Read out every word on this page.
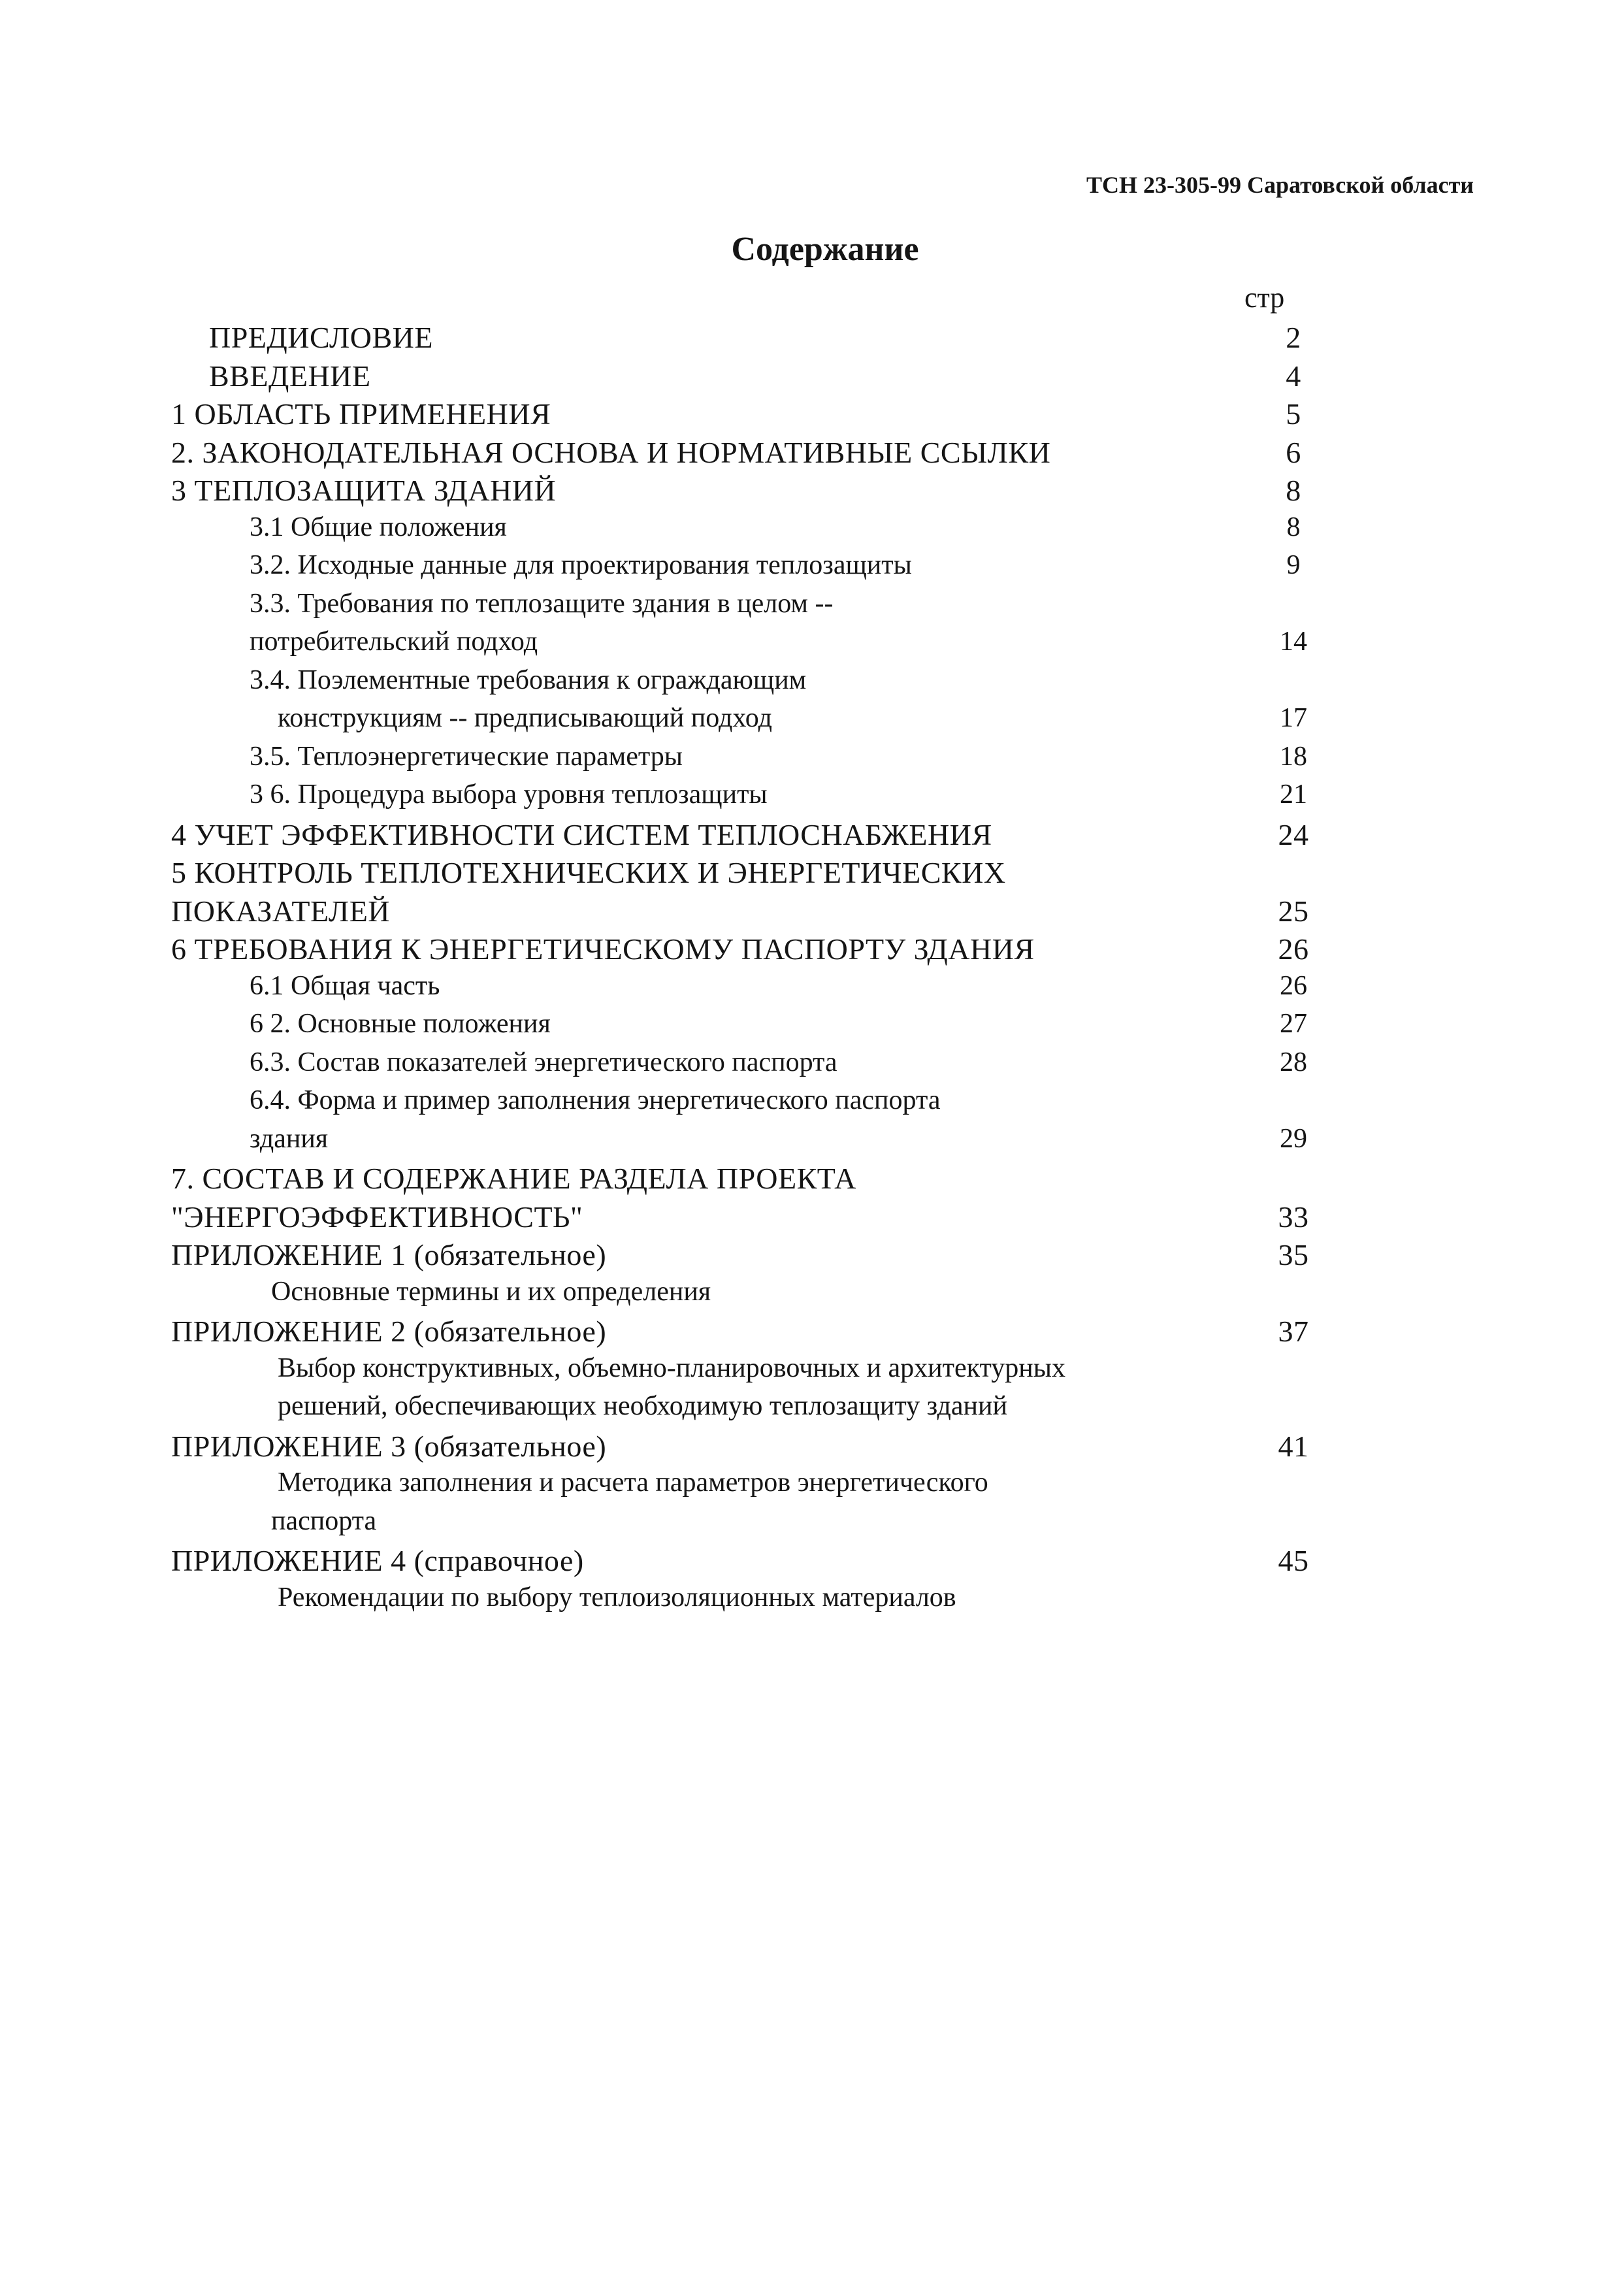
ТСН 23-305-99 Саратовской области
Содержание
стр
ПРЕДИСЛОВИЕ	2
ВВЕДЕНИЕ	4
1 ОБЛАСТЬ ПРИМЕНЕНИЯ	5
2. ЗАКОНОДАТЕЛЬНАЯ ОСНОВА И НОРМАТИВНЫЕ ССЫЛКИ	6
3 ТЕПЛОЗАЩИТА ЗДАНИЙ	8
3.1 Общие положения	8
3.2. Исходные данные для проектирования теплозащиты	9
3.3. Требования по теплозащите здания в целом --
потребительский подход	14
3.4. Поэлементные требования к ограждающим
конструкциям -- предписывающий подход	17
3.5. Теплоэнергетические параметры	18
3 6. Процедура выбора уровня теплозащиты	21
4 УЧЕТ ЭФФЕКТИВНОСТИ СИСТЕМ ТЕПЛОСНАБЖЕНИЯ	24
5 КОНТРОЛЬ ТЕПЛОТЕХНИЧЕСКИХ И ЭНЕРГЕТИЧЕСКИХ
ПОКАЗАТЕЛЕЙ	25
6 ТРЕБОВАНИЯ К ЭНЕРГЕТИЧЕСКОМУ ПАСПОРТУ ЗДАНИЯ	26
6.1 Общая часть	26
6 2. Основные положения	27
6.3. Состав показателей энергетического паспорта	28
6.4. Форма и пример заполнения энергетического паспорта
здания	29
7. СОСТАВ И СОДЕРЖАНИЕ РАЗДЕЛА ПРОЕКТА
"ЭНЕРГОЭФФЕКТИВНОСТЬ"	33
ПРИЛОЖЕНИЕ 1 (обязательное)	35
Основные термины и их определения
ПРИЛОЖЕНИЕ 2 (обязательное)	37
Выбор конструктивных, объемно-планировочных и архитектурных
решений, обеспечивающих необходимую теплозащиту зданий
ПРИЛОЖЕНИЕ 3 (обязательное)	41
Методика заполнения и расчета параметров энергетического
паспорта
ПРИЛОЖЕНИЕ 4 (справочное)	45
Рекомендации по выбору теплоизоляционных материалов
